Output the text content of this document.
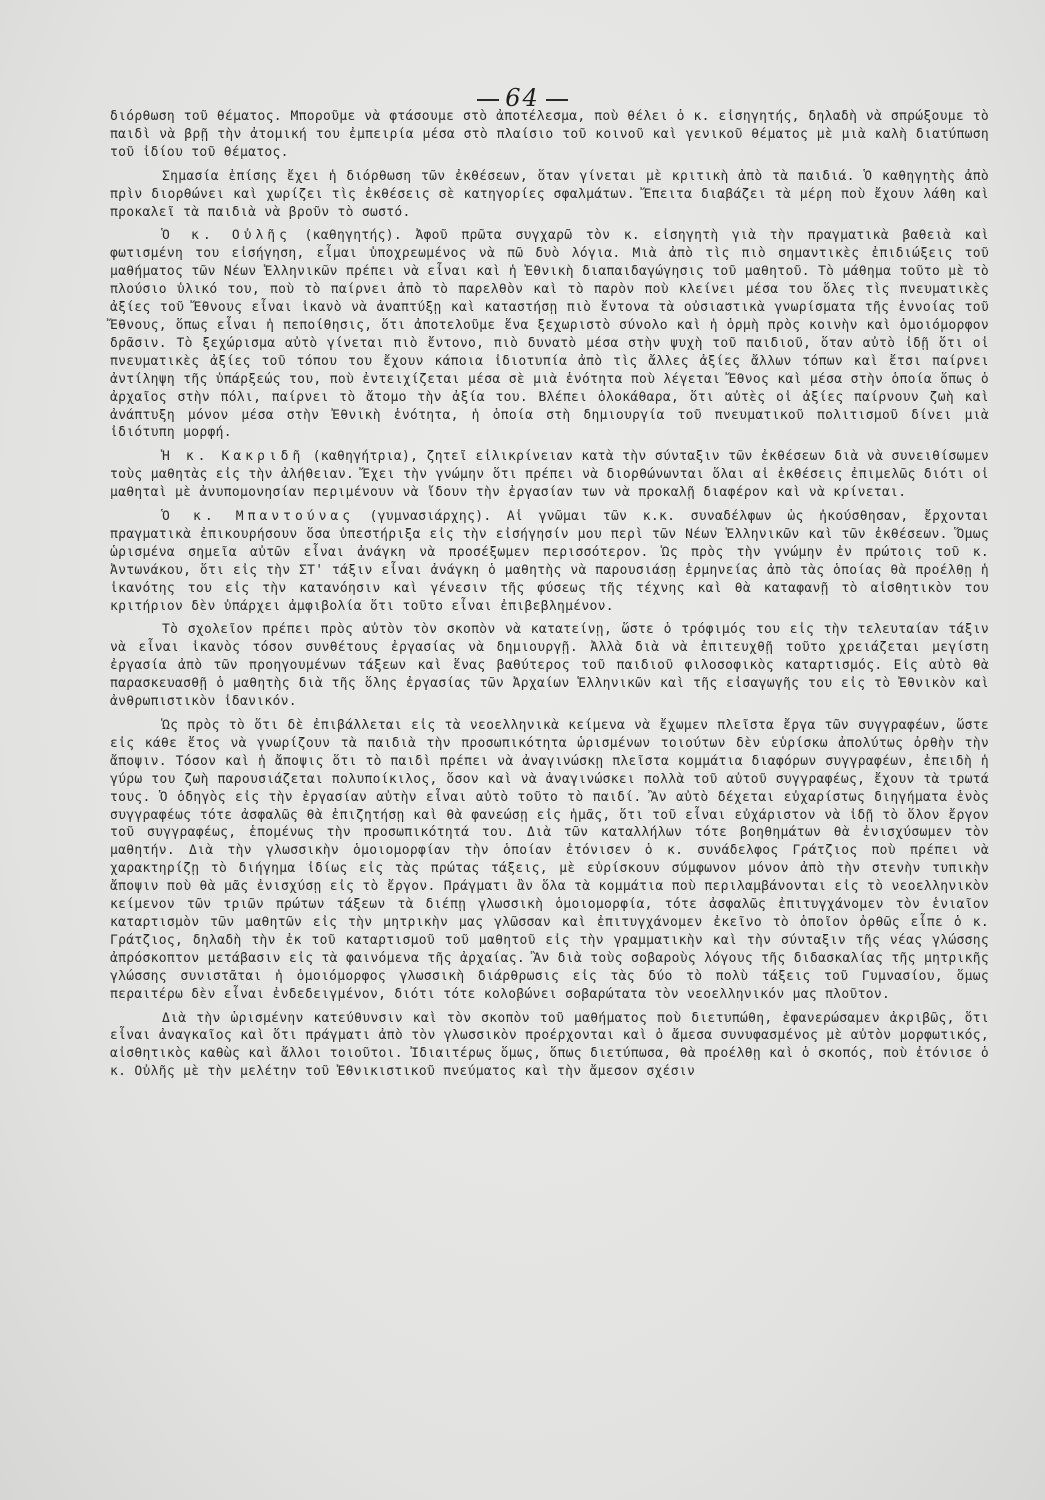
64

διόρθωση τοῦ θέματος. Μποροῦμε νὰ φτάσουμε στὸ ἀποτέλεσμα, ποὺ θέλει ὁ κ. εἰσηγητής, δηλαδὴ νὰ σπρώξουμε τὸ παιδὶ νὰ βρῇ τὴν ἀτομική του ἐμπειρία μέσα στὸ πλαίσιο τοῦ κοινοῦ καὶ γενικοῦ θέματος μὲ μιὰ καλὴ διατύπωση τοῦ ἰδίου τοῦ θέματος.

Σημασία ἐπίσης ἔχει ἡ διόρθωση τῶν ἐκθέσεων, ὅταν γίνεται μὲ κριτικὴ ἀπὸ τὰ παιδιά. Ὁ καθηγητὴς ἀπὸ πρὶν διορθώνει καὶ χωρίζει τὶς ἐκθέσεις σὲ κατηγορίες σφαλμάτων. Ἔπειτα διαβάζει τὰ μέρη ποὺ ἔχουν λάθη καὶ προκαλεῖ τὰ παιδιὰ νὰ βροῦν τὸ σωστό.

Ὁ κ. Οὐλῆς (καθηγητής). Ἀφοῦ πρῶτα συγχαρῶ τὸν κ. εἰσηγητὴ γιὰ τὴν πραγματικὰ βαθειὰ καὶ φωτισμένη του εἰσήγηση, εἶμαι ὑποχρεωμένος νὰ πῶ δυὸ λόγια. Μιὰ ἀπὸ τὶς πιὸ σημαντικὲς ἐπιδιώξεις τοῦ μαθήματος τῶν Νέων Ἑλληνικῶν πρέπει νὰ εἶναι καὶ ἡ Ἐθνικὴ διαπαιδαγώγησις τοῦ μαθητοῦ. Τὸ μάθημα τοῦτο μὲ τὸ πλούσιο ὑλικό του, ποὺ τὸ παίρνει ἀπὸ τὸ παρελθὸν καὶ τὸ παρὸν ποὺ κλείνει μέσα του ὅλες τὶς πνευματικὲς ἀξίες τοῦ Ἔθνους εἶναι ἱκανὸ νὰ ἀναπτύξῃ καὶ καταστήσῃ πιὸ ἔντονα τὰ οὐσιαστικὰ γνωρίσματα τῆς ἐννοίας τοῦ Ἔθνους, ὅπως εἶναι ἡ πεποίθησις, ὅτι ἀποτελοῦμε ἕνα ξεχωριστὸ σύνολο καὶ ἡ ὁρμὴ πρὸς κοινὴν καὶ ὁμοιόμορφον δρᾶσιν. Τὸ ξεχώρισμα αὐτὸ γίνεται πιὸ ἔντονο, πιὸ δυνατὸ μέσα στὴν ψυχὴ τοῦ παιδιοῦ, ὅταν αὐτὸ ἰδῇ ὅτι οἱ πνευματικὲς ἀξίες τοῦ τόπου του ἔχουν κάποια ἰδιοτυπία ἀπὸ τὶς ἄλλες ἀξίες ἄλλων τόπων καὶ ἔτσι παίρνει ἀντίληψη τῆς ὑπάρξεώς του, ποὺ ἐντειχίζεται μέσα σὲ μιὰ ἑνότητα ποὺ λέγεται Ἔθνος καὶ μέσα στὴν ὁποία ὅπως ὁ ἀρχαῖος στὴν πόλι, παίρνει τὸ ἄτομο τὴν ἀξία του. Βλέπει ὁλοκάθαρα, ὅτι αὐτὲς οἱ ἀξίες παίρνουν ζωὴ καὶ ἀνάπτυξη μόνον μέσα στὴν Ἐθνικὴ ἑνότητα, ἡ ὁποία στὴ δημιουργία τοῦ πνευματικοῦ πολιτισμοῦ δίνει μιὰ ἰδιότυπη μορφή.

Ἡ κ. Κακριδῆ (καθηγήτρια), ζητεῖ εἰλικρίνειαν κατὰ τὴν σύνταξιν τῶν ἐκθέσεων διὰ νὰ συνειθίσωμεν τοὺς μαθητὰς εἰς τὴν ἀλήθειαν. Ἔχει τὴν γνώμην ὅτι πρέπει νὰ διορθώνωνται ὅλαι αἱ ἐκθέσεις ἐπιμελῶς διότι οἱ μαθηταὶ μὲ ἀνυπομονησίαν περιμένουν νὰ ἴδουν τὴν ἐργασίαν των νὰ προκαλῇ διαφέρον καὶ νὰ κρίνεται.

Ὁ κ. Μπαντούνας (γυμνασιάρχης). Αἱ γνῶμαι τῶν κ.κ. συναδέλφων ὡς ἠκούσθησαν, ἔρχονται πραγματικὰ ἐπικουρήσουν ὅσα ὑπεστήριξα εἰς τὴν εἰσήγησίν μου περὶ τῶν Νέων Ἑλληνικῶν καὶ τῶν ἐκθέσεων. Ὅμως ὡρισμένα σημεῖα αὐτῶν εἶναι ἀνάγκη νὰ προσέξωμεν περισσότερον. Ὡς πρὸς τὴν γνώμην ἐν πρώτοις τοῦ κ. Ἀντωνάκου, ὅτι εἰς τὴν ΣΤ' τάξιν εἶναι ἀνάγκη ὁ μαθητὴς νὰ παρουσιάσῃ ἑρμηνείας ἀπὸ τὰς ὁποίας θὰ προέλθῃ ἡ ἱκανότης του εἰς τὴν κατανόησιν καὶ γένεσιν τῆς φύσεως τῆς τέχνης καὶ θὰ καταφανῇ τὸ αἰσθητικὸν του κριτήριον δὲν ὑπάρχει ἀμφιβολία ὅτι τοῦτο εἶναι ἐπιβεβλημένον.

Τὸ σχολεῖον πρέπει πρὸς αὐτὸν τὸν σκοπὸν νὰ κατατείνῃ, ὥστε ὁ τρόφιμός του εἰς τὴν τελευταίαν τάξιν νὰ εἶναι ἱκανὸς τόσον συνθέτους ἐργασίας νὰ δημιουργῇ. Ἀλλὰ διὰ νὰ ἐπιτευχθῇ τοῦτο χρειάζεται μεγίστη ἐργασία ἀπὸ τῶν προηγουμένων τάξεων καὶ ἕνας βαθύτερος τοῦ παιδιοῦ φιλοσοφικὸς καταρτισμός. Εἰς αὐτὸ θὰ παρασκευασθῇ ὁ μαθητὴς διὰ τῆς ὅλης ἐργασίας τῶν Ἀρχαίων Ἑλληνικῶν καὶ τῆς εἰσαγωγῆς του εἰς τὸ Ἐθνικὸν καὶ ἀνθρωπιστικὸν ἰδανικόν.

Ὡς πρὸς τὸ ὅτι δὲ ἐπιβάλλεται εἰς τὰ νεοελληνικὰ κείμενα νὰ ἔχωμεν πλεῖστα ἔργα τῶν συγγραφέων, ὥστε εἰς κάθε ἔτος νὰ γνωρίζουν τὰ παιδιὰ τὴν προσωπικότητα ὡρισμένων τοιούτων δὲν εὑρίσκω ἀπολύτως ὀρθὴν τὴν ἄποψιν. Τόσον καὶ ἡ ἄποψις ὅτι τὸ παιδὶ πρέπει νὰ ἀναγινώσκῃ πλεῖστα κομμάτια διαφόρων συγγραφέων, ἐπειδὴ ἡ γύρω του ζωὴ παρουσιάζεται πολυποίκιλος, ὅσον καὶ νὰ ἀναγινώσκει πολλὰ τοῦ αὐτοῦ συγγραφέως, ἔχουν τὰ τρωτά τους. Ὁ ὁδηγὸς εἰς τὴν ἐργασίαν αὐτὴν εἶναι αὐτὸ τοῦτο τὸ παιδί. Ἂν αὐτὸ δέχεται εὐχαρίστως διηγήματα ἑνὸς συγγραφέως τότε ἀσφαλῶς θὰ ἐπιζητήσῃ καὶ θὰ φανεώσῃ εἰς ἡμᾶς, ὅτι τοῦ εἶναι εὐχάριστον νὰ ἰδῇ τὸ ὅλον ἔργον τοῦ συγγραφέως, ἑπομένως τὴν προσωπικότητά του. Διὰ τῶν καταλλήλων τότε βοηθημάτων θὰ ἐνισχύσωμεν τὸν μαθητήν. Διὰ τὴν γλωσσικὴν ὁμοιομορφίαν τὴν ὁποίαν ἐτόνισεν ὁ κ. συνάδελφος Γράτζιος ποὺ πρέπει νὰ χαρακτηρίζῃ τὸ διήγημα ἰδίως εἰς τὰς πρώτας τάξεις, μὲ εὑρίσκουν σύμφωνον μόνον ἀπὸ τὴν στενὴν τυπικὴν ἄποψιν ποὺ θὰ μᾶς ἐνισχύσῃ εἰς τὸ ἔργον. Πράγματι ἂν ὅλα τὰ κομμάτια ποὺ περιλαμβάνονται εἰς τὸ νεοελληνικὸν κείμενον τῶν τριῶν πρώτων τάξεων τὰ διέπῃ γλωσσικὴ ὁμοιομορφία, τότε ἀσφαλῶς ἐπιτυγχάνομεν τὸν ἑνιαῖον καταρτισμὸν τῶν μαθητῶν εἰς τὴν μητρικὴν μας γλῶσσαν καὶ ἐπιτυγχάνομεν ἐκεῖνο τὸ ὁποῖον ὀρθῶς εἶπε ὁ κ. Γράτζιος, δηλαδὴ τὴν ἐκ τοῦ καταρτισμοῦ τοῦ μαθητοῦ εἰς τὴν γραμματικὴν καὶ τὴν σύνταξιν τῆς νέας γλώσσης ἀπρόσκοπτον μετάβασιν εἰς τὰ φαινόμενα τῆς ἀρχαίας. Ἂν διὰ τοὺς σοβαροὺς λόγους τῆς διδασκαλίας τῆς μητρικῆς γλώσσης συνιστᾶται ἡ ὁμοιόμορφος γλωσσικὴ διάρθρωσις εἰς τὰς δύο τὸ πολὺ τάξεις τοῦ Γυμνασίου, ὅμως περαιτέρω δὲν εἶναι ἐνδεδειγμένον, διότι τότε κολοβώνει σοβαρώτατα τὸν νεοελληνικόν μας πλοῦτον.

Διὰ τὴν ὡρισμένην κατεύθυνσιν καὶ τὸν σκοπὸν τοῦ μαθήματος ποὺ διετυπώθη, ἐφανερώσαμεν ἀκριβῶς, ὅτι εἶναι ἀναγκαῖος καὶ ὅτι πράγματι ἀπὸ τὸν γλωσσικὸν προέρχονται καὶ ὁ ἄμεσα συνυφασμένος μὲ αὐτὸν μορφωτικός, αἰσθητικὸς καθὼς καὶ ἄλλοι τοιοῦτοι. Ἰδιαιτέρως ὅμως, ὅπως διετύπωσα, θὰ προέλθῃ καὶ ὁ σκοπός, ποὺ ἐτόνισε ὁ κ. Οὐλῆς μὲ τὴν μελέτην τοῦ Ἐθνικιστικοῦ πνεύματος καὶ τὴν ἄμεσον σχέσιν
